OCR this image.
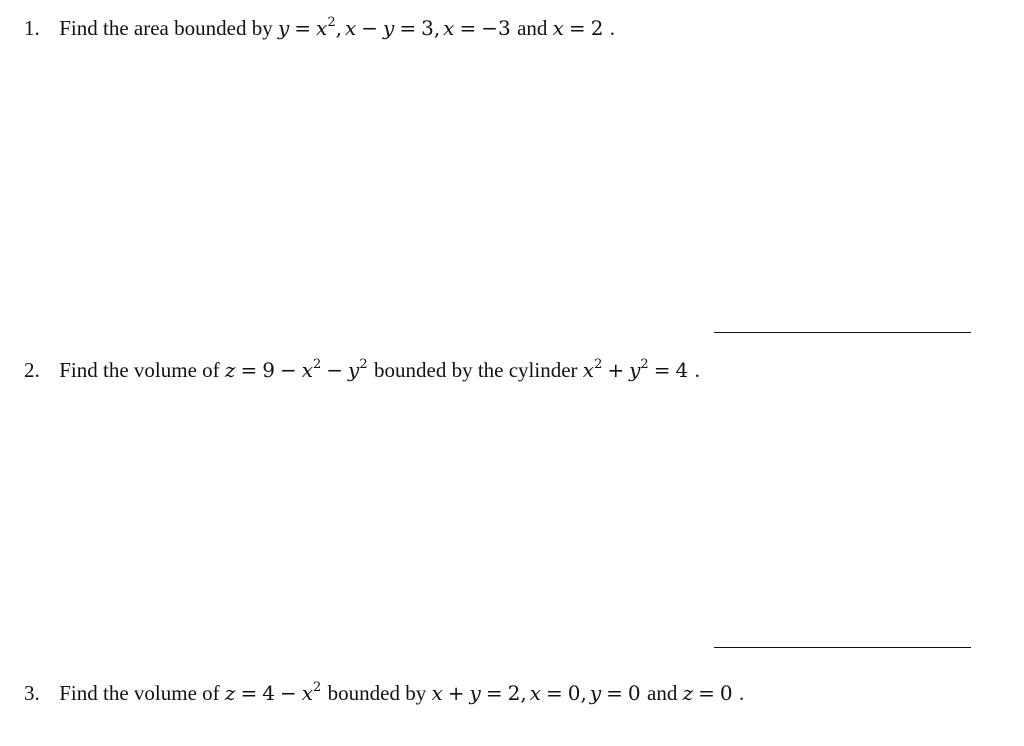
1. Find the area bounded by $y = x^2$, x − y = 3, x = −3 and x = 2 .
2. Find the volume of $z = 9 - x^2 - y^2$ bounded by the cylinder $x^2 + y^2 = 4$ .
3. Find the volume of $z = 4 - x^2$ bounded by x + y = 2, x = 0, y = 0 and z = 0 .
